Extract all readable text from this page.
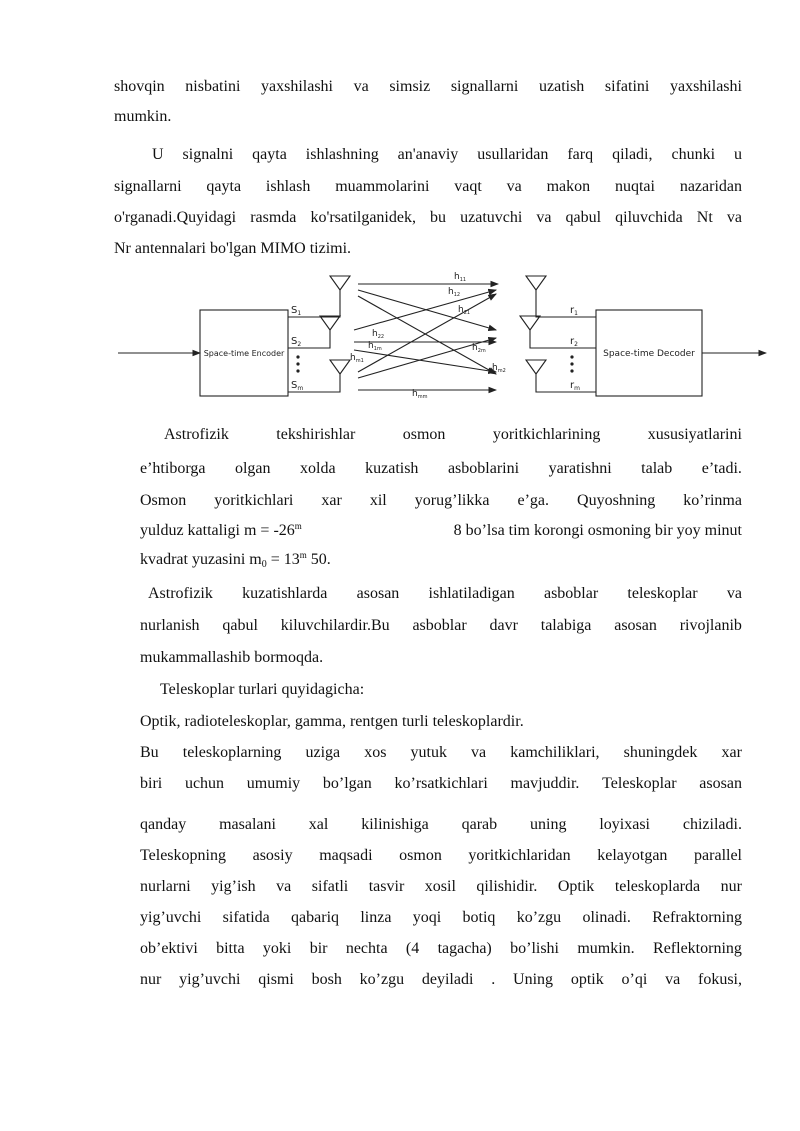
shovqin nisbatini yaxshilashi va simsiz signallarni uzatish sifatini yaxshilashi
mumkin.
U signalni qayta ishlashning an'anaviy usullaridan farq qiladi, chunki u
signallarni qayta ishlash muammolarini vaqt va makon nuqtai nazaridan
o'rganadi.Quyidagi rasmda ko'rsatilganidek, bu uzatuvchi va qabul qiluvchida Nt va
Nr antennalari bo'lgan MIMO tizimi.
Space-time Encoder	Space-time Decoder
$S_1$
$S_2$
$S_m$
$r_1$
$r_2$
$r_m$
$h_{11}$
$h_{12}$
$h_{21}$
$h_{22}$
$h_{1m}$	$h_{2m}$
$h_{m1}$
$h_{m2}$
$h_{mm}$
Astrofizik	tekshirishlar	osmon	yoritkichlarining	xususiyatlarini
e’htiborga olgan xolda kuzatish asboblarini yaratishni talab e’tadi.
Osmon yoritkichlari xar xil yorug’likka e’ga. Quyoshning ko’rinma
yulduz kattaligi $m = -26^m$	8 bo’lsa tim korongi osmoning bir yoy minut
kvadrat yuzasini $m_0 = 13^m$ 50.
Astrofizik kuzatishlarda asosan ishlatiladigan asboblar teleskoplar va
nurlanish qabul kiluvchilardir.Bu asboblar davr talabiga asosan rivojlanib
mukammallashib bormoqda.
Teleskoplar turlari quyidagicha:
Optik, radioteleskoplar, gamma, rentgen turli teleskoplardir.
Bu teleskoplarning uziga xos yutuk va kamchiliklari, shuningdek xar
biri uchun umumiy bo’lgan ko’rsatkichlari mavjuddir. Teleskoplar asosan
qanday masalani xal kilinishiga qarab uning loyixasi chiziladi.
Teleskopning asosiy maqsadi osmon yoritkichlaridan kelayotgan parallel
nurlarni yig’ish va sifatli tasvir xosil qilishidir. Optik teleskoplarda nur
yig’uvchi sifatida qabariq linza yoqi botiq ko’zgu olinadi. Refraktorning
ob’ektivi bitta yoki bir nechta (4 tagacha) bo’lishi mumkin. Reflektorning
nur yig’uvchi qismi bosh ko’zgu deyiladi . Uning optik o’qi va fokusi,
